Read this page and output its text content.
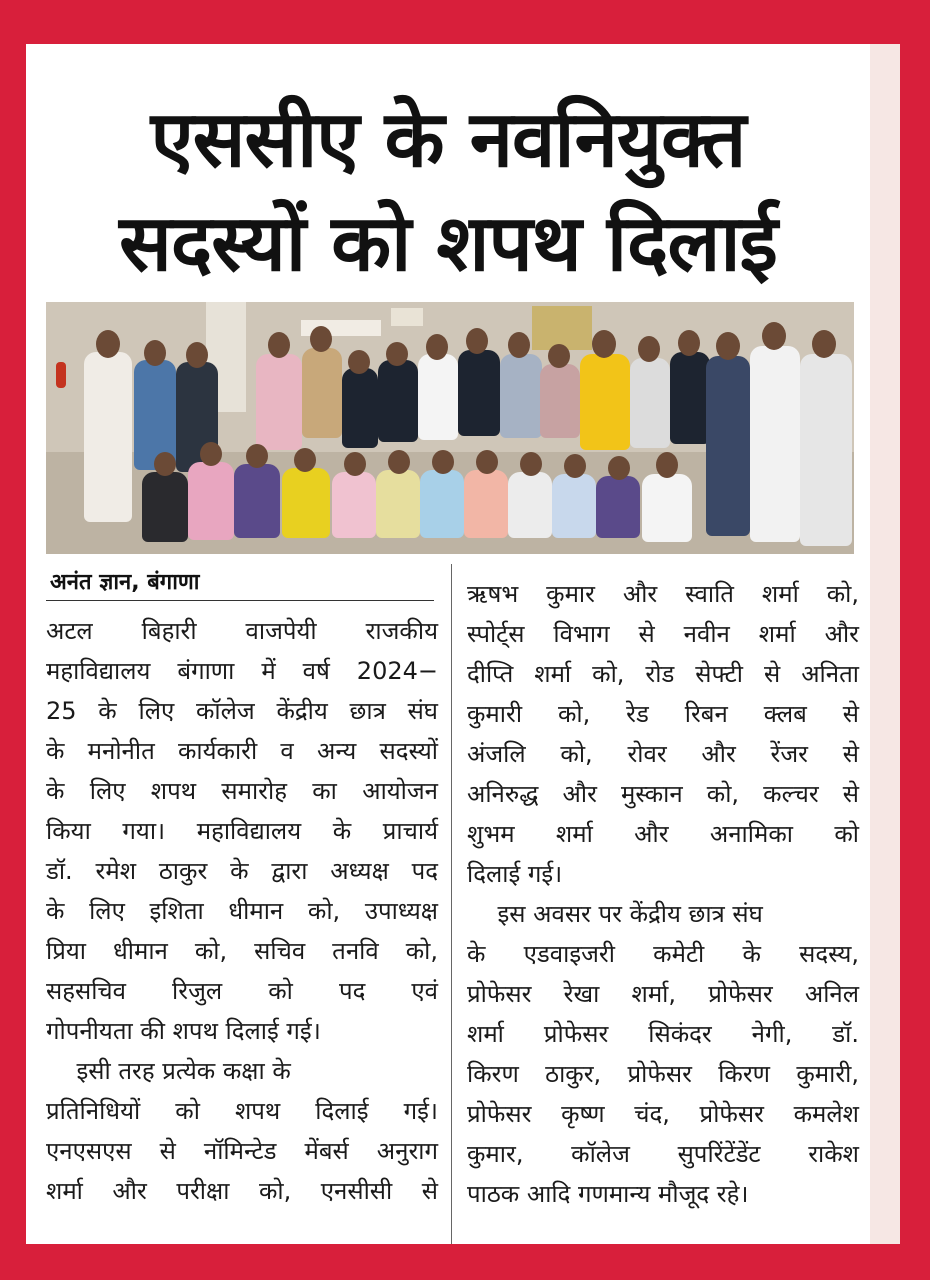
एससीए के नवनियुक्त
सदस्यों को शपथ दिलाई
अनंत ज्ञान, बंगाणा
अटल बिहारी वाजपेयी राजकीय
महाविद्यालय बंगाणा में वर्ष 2024−
25 के लिए कॉलेज केंद्रीय छात्र संघ
के मनोनीत कार्यकारी व अन्य सदस्यों
के लिए शपथ समारोह का आयोजन
किया गया। महाविद्यालय के प्राचार्य
डॉ. रमेश ठाकुर के द्वारा अध्यक्ष पद
के लिए इशिता धीमान को, उपाध्यक्ष
प्रिया धीमान को, सचिव तनवि को,
सहसचिव रिजुल को पद एवं
गोपनीयता की शपथ दिलाई गई।
इसी तरह प्रत्येक कक्षा के
प्रतिनिधियों को शपथ दिलाई गई।
एनएसएस से नॉमिन्टेड मेंबर्स अनुराग
शर्मा और परीक्षा को, एनसीसी से
ऋषभ कुमार और स्वाति शर्मा को,
स्पोर्ट्स विभाग से नवीन शर्मा और
दीप्ति शर्मा को, रोड सेफ्टी से अनिता
कुमारी को, रेड रिबन क्लब से
अंजलि को, रोवर और रेंजर से
अनिरुद्ध और मुस्कान को, कल्चर से
शुभम शर्मा और अनामिका को
दिलाई गई।
इस अवसर पर केंद्रीय छात्र संघ
के एडवाइजरी कमेटी के सदस्य,
प्रोफेसर रेखा शर्मा, प्रोफेसर अनिल
शर्मा प्रोफेसर सिकंदर नेगी, डॉ.
किरण ठाकुर, प्रोफेसर किरण कुमारी,
प्रोफेसर कृष्ण चंद, प्रोफेसर कमलेश
कुमार, कॉलेज सुपरिंटेंडेंट राकेश
पाठक आदि गणमान्य मौजूद रहे।
